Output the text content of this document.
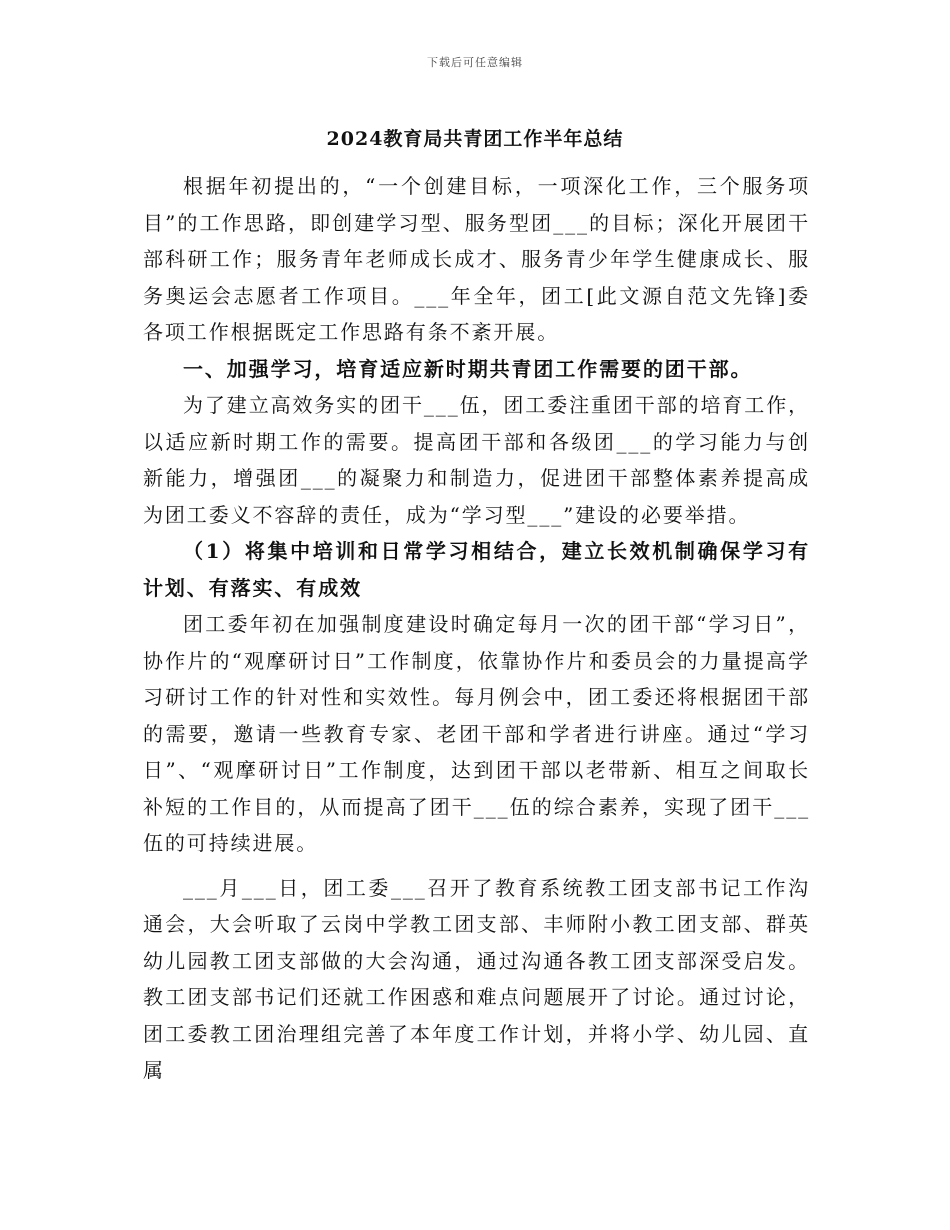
下载后可任意编辑
2024教育局共青团工作半年总结

根据年初提出的，“一个创建目标，一项深化工作，三个服务项目”的工作思路，即创建学习型、服务型团___的目标；深化开展团干部科研工作；服务青年老师成长成才、服务青少年学生健康成长、服务奥运会志愿者工作项目。___年全年，团工[此文源自范文先锋]委各项工作根据既定工作思路有条不紊开展。

一、加强学习，培育适应新时期共青团工作需要的团干部。

为了建立高效务实的团干___伍，团工委注重团干部的培育工作，以适应新时期工作的需要。提高团干部和各级团___的学习能力与创新能力，增强团___的凝聚力和制造力，促进团干部整体素养提高成为团工委义不容辞的责任，成为“学习型___”建设的必要举措。

（1）将集中培训和日常学习相结合，建立长效机制确保学习有计划、有落实、有成效

团工委年初在加强制度建设时确定每月一次的团干部“学习日”，协作片的“观摩研讨日”工作制度，依靠协作片和委员会的力量提高学习研讨工作的针对性和实效性。每月例会中，团工委还将根据团干部的需要，邀请一些教育专家、老团干部和学者进行讲座。通过“学习日”、“观摩研讨日”工作制度，达到团干部以老带新、相互之间取长补短的工作目的，从而提高了团干___伍的综合素养，实现了团干___伍的可持续进展。

___月___日，团工委___召开了教育系统教工团支部书记工作沟通会，大会听取了云岗中学教工团支部、丰师附小教工团支部、群英幼儿园教工团支部做的大会沟通，通过沟通各教工团支部深受启发。教工团支部书记们还就工作困惑和难点问题展开了讨论。通过讨论，团工委教工团治理组完善了本年度工作计划，并将小学、幼儿园、直属
